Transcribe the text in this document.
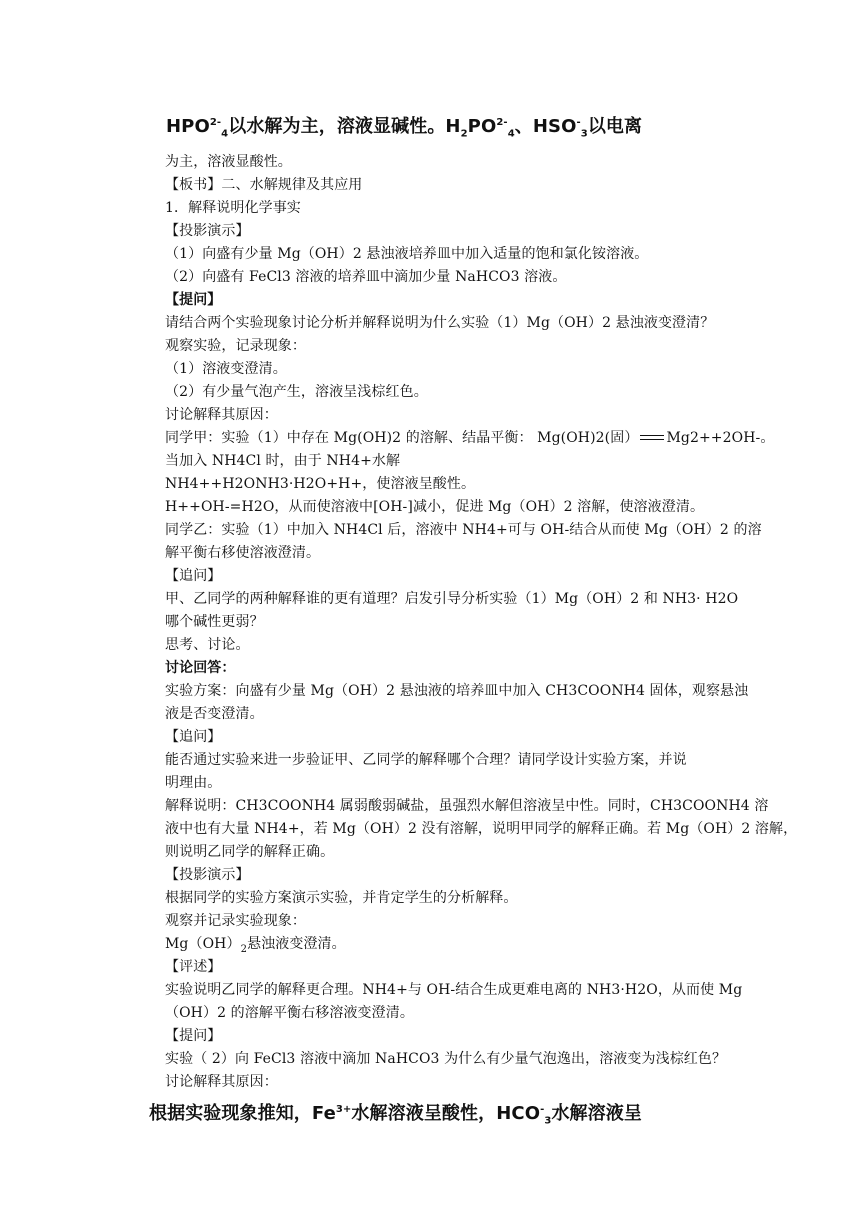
$HPO^{2-}_4$以水解为主，溶液显碱性。$H_2PO^{2-}_4$、$HSO^-_3$以电离
为主，溶液显酸性。
【板书】二、水解规律及其应用
1．解释说明化学事实
【投影演示】
（1）向盛有少量 Mg（OH）2 悬浊液培养皿中加入适量的饱和氯化铵溶液。
（2）向盛有 FeCl3 溶液的培养皿中滴加少量 NaHCO3 溶液。
【提问】
请结合两个实验现象讨论分析并解释说明为什么实验（1）Mg（OH）2 悬浊液变澄清？
观察实验，记录现象：
（1）溶液变澄清。
（2）有少量气泡产生，溶液呈浅棕红色。
讨论解释其原因：
同学甲：实验（1）中存在 Mg(OH)2 的溶解、结晶平衡： Mg(OH)2(固） Mg2++2OH-。
当加入 NH4Cl 时，由于 NH4+水解
NH4++H2ONH3·H2O+H+，使溶液呈酸性。
H++OH-=H2O，从而使溶液中[OH-]减小，促进 Mg（OH）2 溶解，使溶液澄清。
同学乙：实验（1）中加入 NH4Cl 后，溶液中 NH4+可与 OH-结合从而使 Mg（OH）2 的溶
解平衡右移使溶液澄清。
【追问】
甲、乙同学的两种解释谁的更有道理？启发引导分析实验（1）Mg（OH）2 和 NH3· H2O
哪个碱性更弱？
思考、讨论。
讨论回答：
实验方案：向盛有少量 Mg（OH）2 悬浊液的培养皿中加入 CH3COONH4 固体，观察悬浊
液是否变澄清。
【追问】
能否通过实验来进一步验证甲、乙同学的解释哪个合理？请同学设计实验方案，并说
明理由。
解释说明：CH3COONH4 属弱酸弱碱盐，虽强烈水解但溶液呈中性。同时，CH3COONH4 溶
液中也有大量 NH4+，若 Mg（OH）2 没有溶解，说明甲同学的解释正确。若 Mg（OH）2 溶解，
则说明乙同学的解释正确。
【投影演示】
根据同学的实验方案演示实验，并肯定学生的分析解释。
观察并记录实验现象：
$Mg(OH)_2$悬浊液变澄清。
【评述】
实验说明乙同学的解释更合理。NH4+与 OH-结合生成更难电离的 NH3·H2O，从而使 Mg
（OH）2 的溶解平衡右移溶液变澄清。
【提问】
实验（ 2）向 FeCl3 溶液中滴加 NaHCO3 为什么有少量气泡逸出，溶液变为浅棕红色？
讨论解释其原因：
根据实验现象推知，$Fe^{3+}$水解溶液呈酸性，$HCO^-_3$水解溶液呈
